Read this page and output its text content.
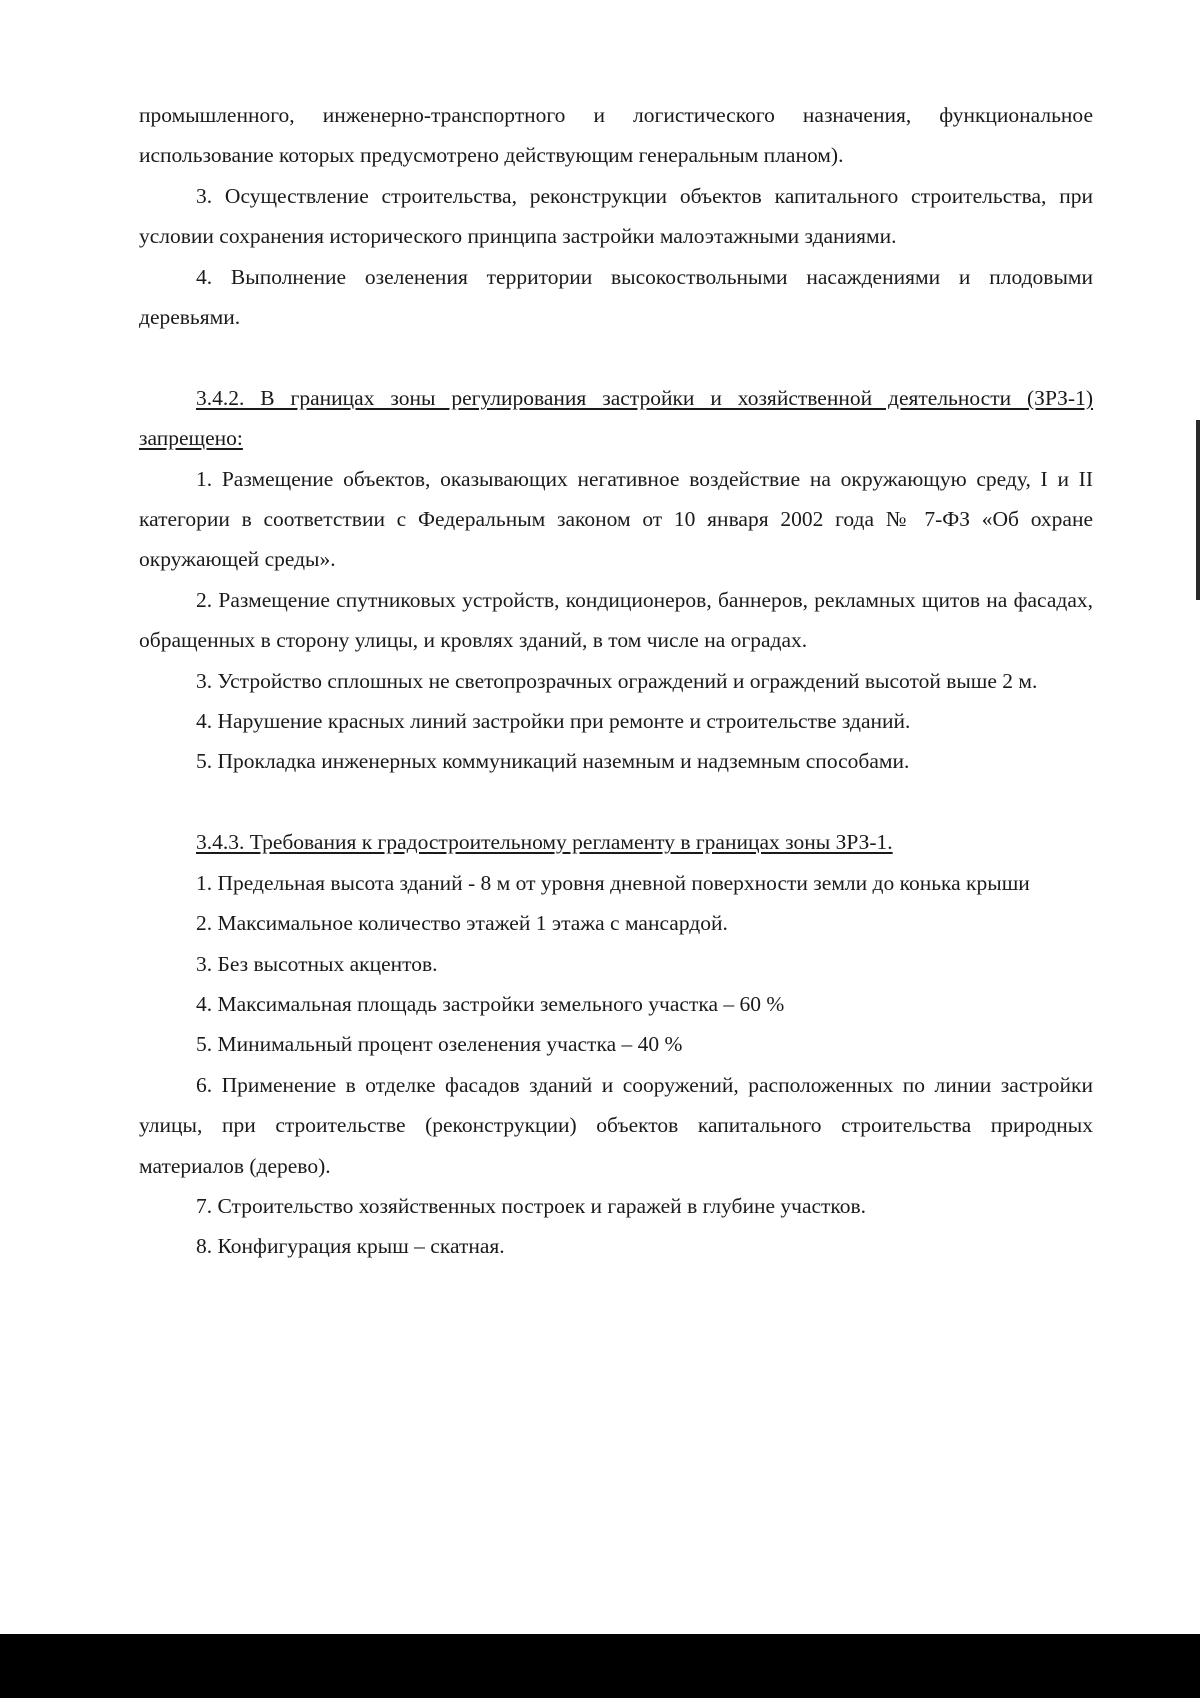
промышленного, инженерно-транспортного и логистического назначения, функциональное использование которых предусмотрено действующим генеральным планом).

3. Осуществление строительства, реконструкции объектов капитального строительства, при условии сохранения исторического принципа застройки малоэтажными зданиями.

4. Выполнение озеленения территории высокоствольными насаждениями и плодовыми деревьями.

3.4.2. В границах зоны регулирования застройки и хозяйственной деятельности (ЗРЗ-1) запрещено:

1. Размещение объектов, оказывающих негативное воздействие на окружающую среду, I и II категории в соответствии с Федеральным законом от 10 января 2002 года № 7-ФЗ «Об охране окружающей среды».

2. Размещение спутниковых устройств, кондиционеров, баннеров, рекламных щитов на фасадах, обращенных в сторону улицы, и кровлях зданий, в том числе на оградах.

3. Устройство сплошных не светопрозрачных ограждений и ограждений высотой выше 2 м.

4. Нарушение красных линий застройки при ремонте и строительстве зданий.

5. Прокладка инженерных коммуникаций наземным и надземным способами.

3.4.3. Требования к градостроительному регламенту в границах зоны ЗРЗ-1.

1. Предельная высота зданий - 8 м от уровня дневной поверхности земли до конька крыши

2. Максимальное количество этажей 1 этажа с мансардой.

3. Без высотных акцентов.

4. Максимальная площадь застройки земельного участка – 60 %

5. Минимальный процент озеленения участка – 40 %

6. Применение в отделке фасадов зданий и сооружений, расположенных по линии застройки улицы, при строительстве (реконструкции) объектов капитального строительства природных материалов (дерево).

7. Строительство хозяйственных построек и гаражей в глубине участков.

8. Конфигурация крыш – скатная.
